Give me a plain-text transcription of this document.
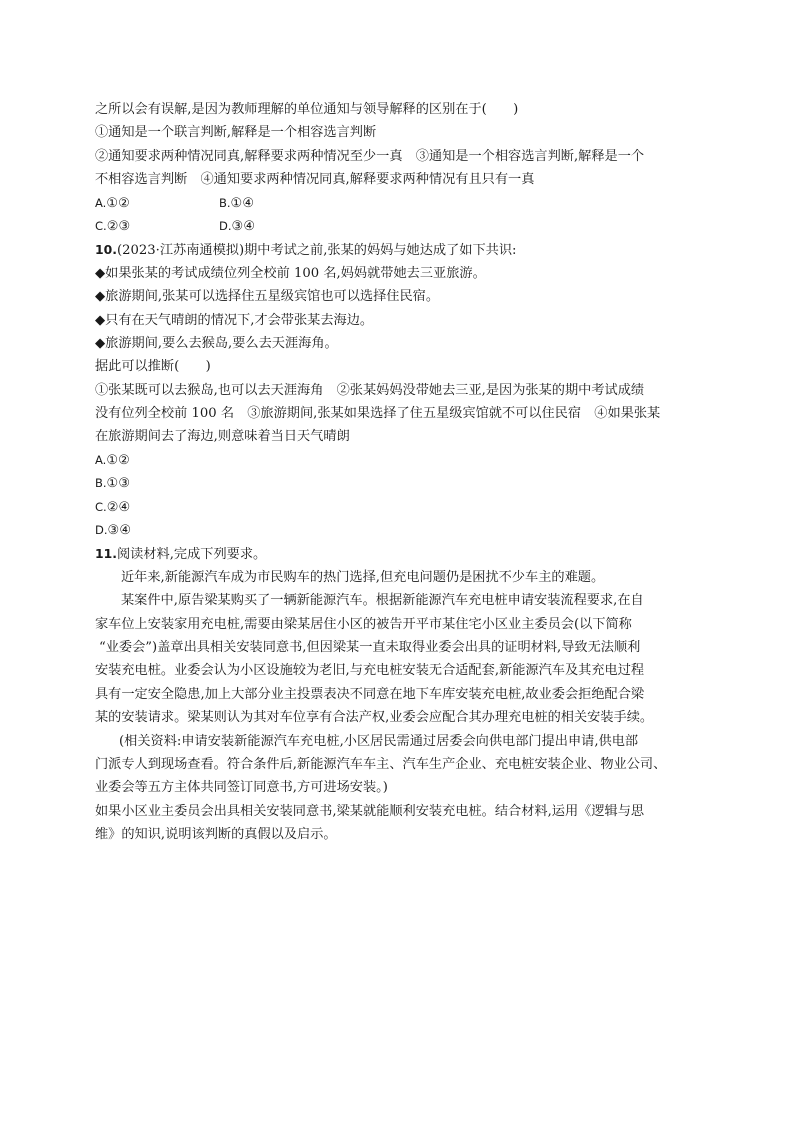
之所以会有误解,是因为教师理解的单位通知与领导解释的区别在于(　　)
①通知是一个联言判断,解释是一个相容选言判断
②通知要求两种情况同真,解释要求两种情况至少一真　③通知是一个相容选言判断,解释是一个
不相容选言判断　④通知要求两种情况同真,解释要求两种情况有且只有一真
A.①②	B.①④
C.②③	D.③④
10.(2023·江苏南通模拟)期中考试之前,张某的妈妈与她达成了如下共识:
◆如果张某的考试成绩位列全校前 100 名,妈妈就带她去三亚旅游。
◆旅游期间,张某可以选择住五星级宾馆也可以选择住民宿。
◆只有在天气晴朗的情况下,才会带张某去海边。
◆旅游期间,要么去猴岛,要么去天涯海角。
据此可以推断(　　)
①张某既可以去猴岛,也可以去天涯海角　②张某妈妈没带她去三亚,是因为张某的期中考试成绩
没有位列全校前 100 名　③旅游期间,张某如果选择了住五星级宾馆就不可以住民宿　④如果张某
在旅游期间去了海边,则意味着当日天气晴朗
A.①②
B.①③
C.②④
D.③④
11.阅读材料,完成下列要求。
近年来,新能源汽车成为市民购车的热门选择,但充电问题仍是困扰不少车主的难题。
某案件中,原告梁某购买了一辆新能源汽车。根据新能源汽车充电桩申请安装流程要求,在自
家车位上安装家用充电桩,需要由梁某居住小区的被告开平市某住宅小区业主委员会(以下简称
“业委会”)盖章出具相关安装同意书,但因梁某一直未取得业委会出具的证明材料,导致无法顺利
安装充电桩。业委会认为小区设施较为老旧,与充电桩安装无合适配套,新能源汽车及其充电过程
具有一定安全隐患,加上大部分业主投票表决不同意在地下车库安装充电桩,故业委会拒绝配合梁
某的安装请求。梁某则认为其对车位享有合法产权,业委会应配合其办理充电桩的相关安装手续。
(相关资料:申请安装新能源汽车充电桩,小区居民需通过居委会向供电部门提出申请,供电部
门派专人到现场查看。符合条件后,新能源汽车车主、汽车生产企业、充电桩安装企业、物业公司、
业委会等五方主体共同签订同意书,方可进场安装。)
如果小区业主委员会出具相关安装同意书,梁某就能顺利安装充电桩。结合材料,运用《逻辑与思
维》的知识,说明该判断的真假以及启示。
